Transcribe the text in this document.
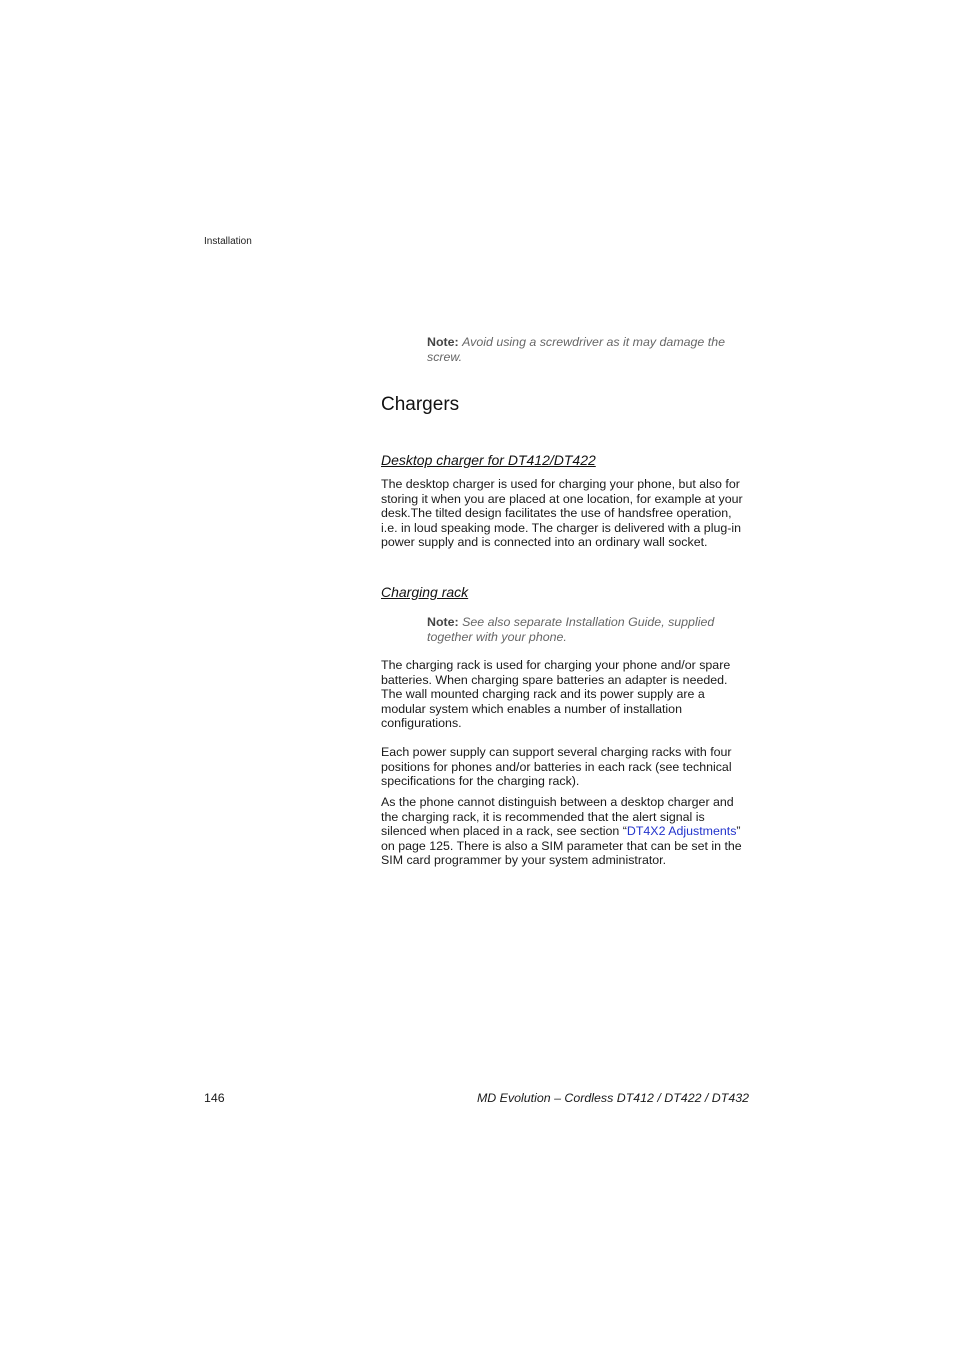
Installation
Note: Avoid using a screwdriver as it may damage the screw.
Chargers
Desktop charger for DT412/DT422

The desktop charger is used for charging your phone, but also for storing it when you are placed at one location, for example at your desk.The tilted design facilitates the use of handsfree operation, i.e. in loud speaking mode. The charger is delivered with a plug-in power supply and is connected into an ordinary wall socket.

Charging rack
Note: See also separate Installation Guide, supplied together with your phone.

The charging rack is used for charging your phone and/or spare batteries. When charging spare batteries an adapter is needed. The wall mounted charging rack and its power supply are a modular system which enables a number of installation configurations.

Each power supply can support several charging racks with four positions for phones and/or batteries in each rack (see technical specifications for the charging rack).

As the phone cannot distinguish between a desktop charger and the charging rack, it is recommended that the alert signal is silenced when placed in a rack, see section “DT4X2 Adjustments” on page 125. There is also a SIM parameter that can be set in the SIM card programmer by your system administrator.

146	MD Evolution – Cordless DT412 / DT422 / DT432
